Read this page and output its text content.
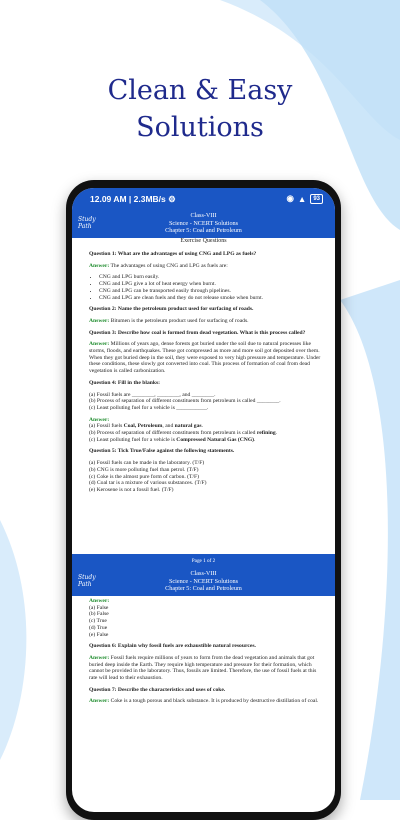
Clean & Easy
Solutions
12.09 AM | 2.3MB/s ⚙	◉ ▲	93
Study Path
Class-VIII
Science - NCERT Solutions
Chapter 5: Coal and Petroleum
Exercise Questions

Question 1: What are the advantages of using CNG and LPG as fuels?

Answer: The advantages of using CNG and LPG as fuels are:

• CNG and LPG burn easily.
• CNG and LPG give a lot of heat energy when burnt.
• CNG and LPG can be transported easily through pipelines.
• CNG and LPG are clean fuels and they do not release smoke when burnt.

Question 2: Name the petroleum product used for surfacing of roads.

Answer: Bitumen is the petroleum product used for surfacing of roads.

Question 3: Describe how coal is formed from dead vegetation. What is this process called?

Answer: Millions of years ago, dense forests got buried under the soil due to natural processes like storms, floods, and earthquakes. These got compressed as more and more soil got deposited over them. When they got buried deep in the soil, they were exposed to very high pressure and temperature. Under these conditions, these slowly got converted into coal. This process of formation of coal from dead vegetation is called carbonization.

Question 4: Fill in the blanks:

(a) Fossil fuels are ________, ________, and ________.
(b) Process of separation of different constituents from petroleum is called ________.
(c) Least polluting fuel for a vehicle is ___________.

Answer:
(a) Fossil fuels Coal, Petroleum, and natural gas.
(b) Process of separation of different constituents from petroleum is called refining.
(c) Least polluting fuel for a vehicle is Compressed Natural Gas (CNG).

Question 5: Tick True/False against the following statements.

(a) Fossil fuels can be made in the laboratory. (T/F)
(b) CNG is more polluting fuel than petrol. (T/F)
(c) Coke is the almost pure form of carbon. (T/F)
(d) Coal tar is a mixture of various substances. (T/F)
(e) Kerosene is not a fossil fuel. (T/F)

Page 1 of 2
Study Path
Class-VIII
Science - NCERT Solutions
Chapter 5: Coal and Petroleum

Answer:
(a) False
(b) False
(c) True
(d) True
(e) False

Question 6: Explain why fossil fuels are exhaustible natural resources.

Answer: Fossil fuels require millions of years to form from the dead vegetation and animals that got buried deep inside the Earth. They require high temperature and pressure for their formation, which cannot be provided in the laboratory. Thus, fossils are limited. Therefore, the use of fossil fuels at this rate will lead to their exhaustion.

Question 7: Describe the characteristics and uses of coke.

Answer: Coke is a tough porous and black substance. It is produced by destructive distillation of coal.
